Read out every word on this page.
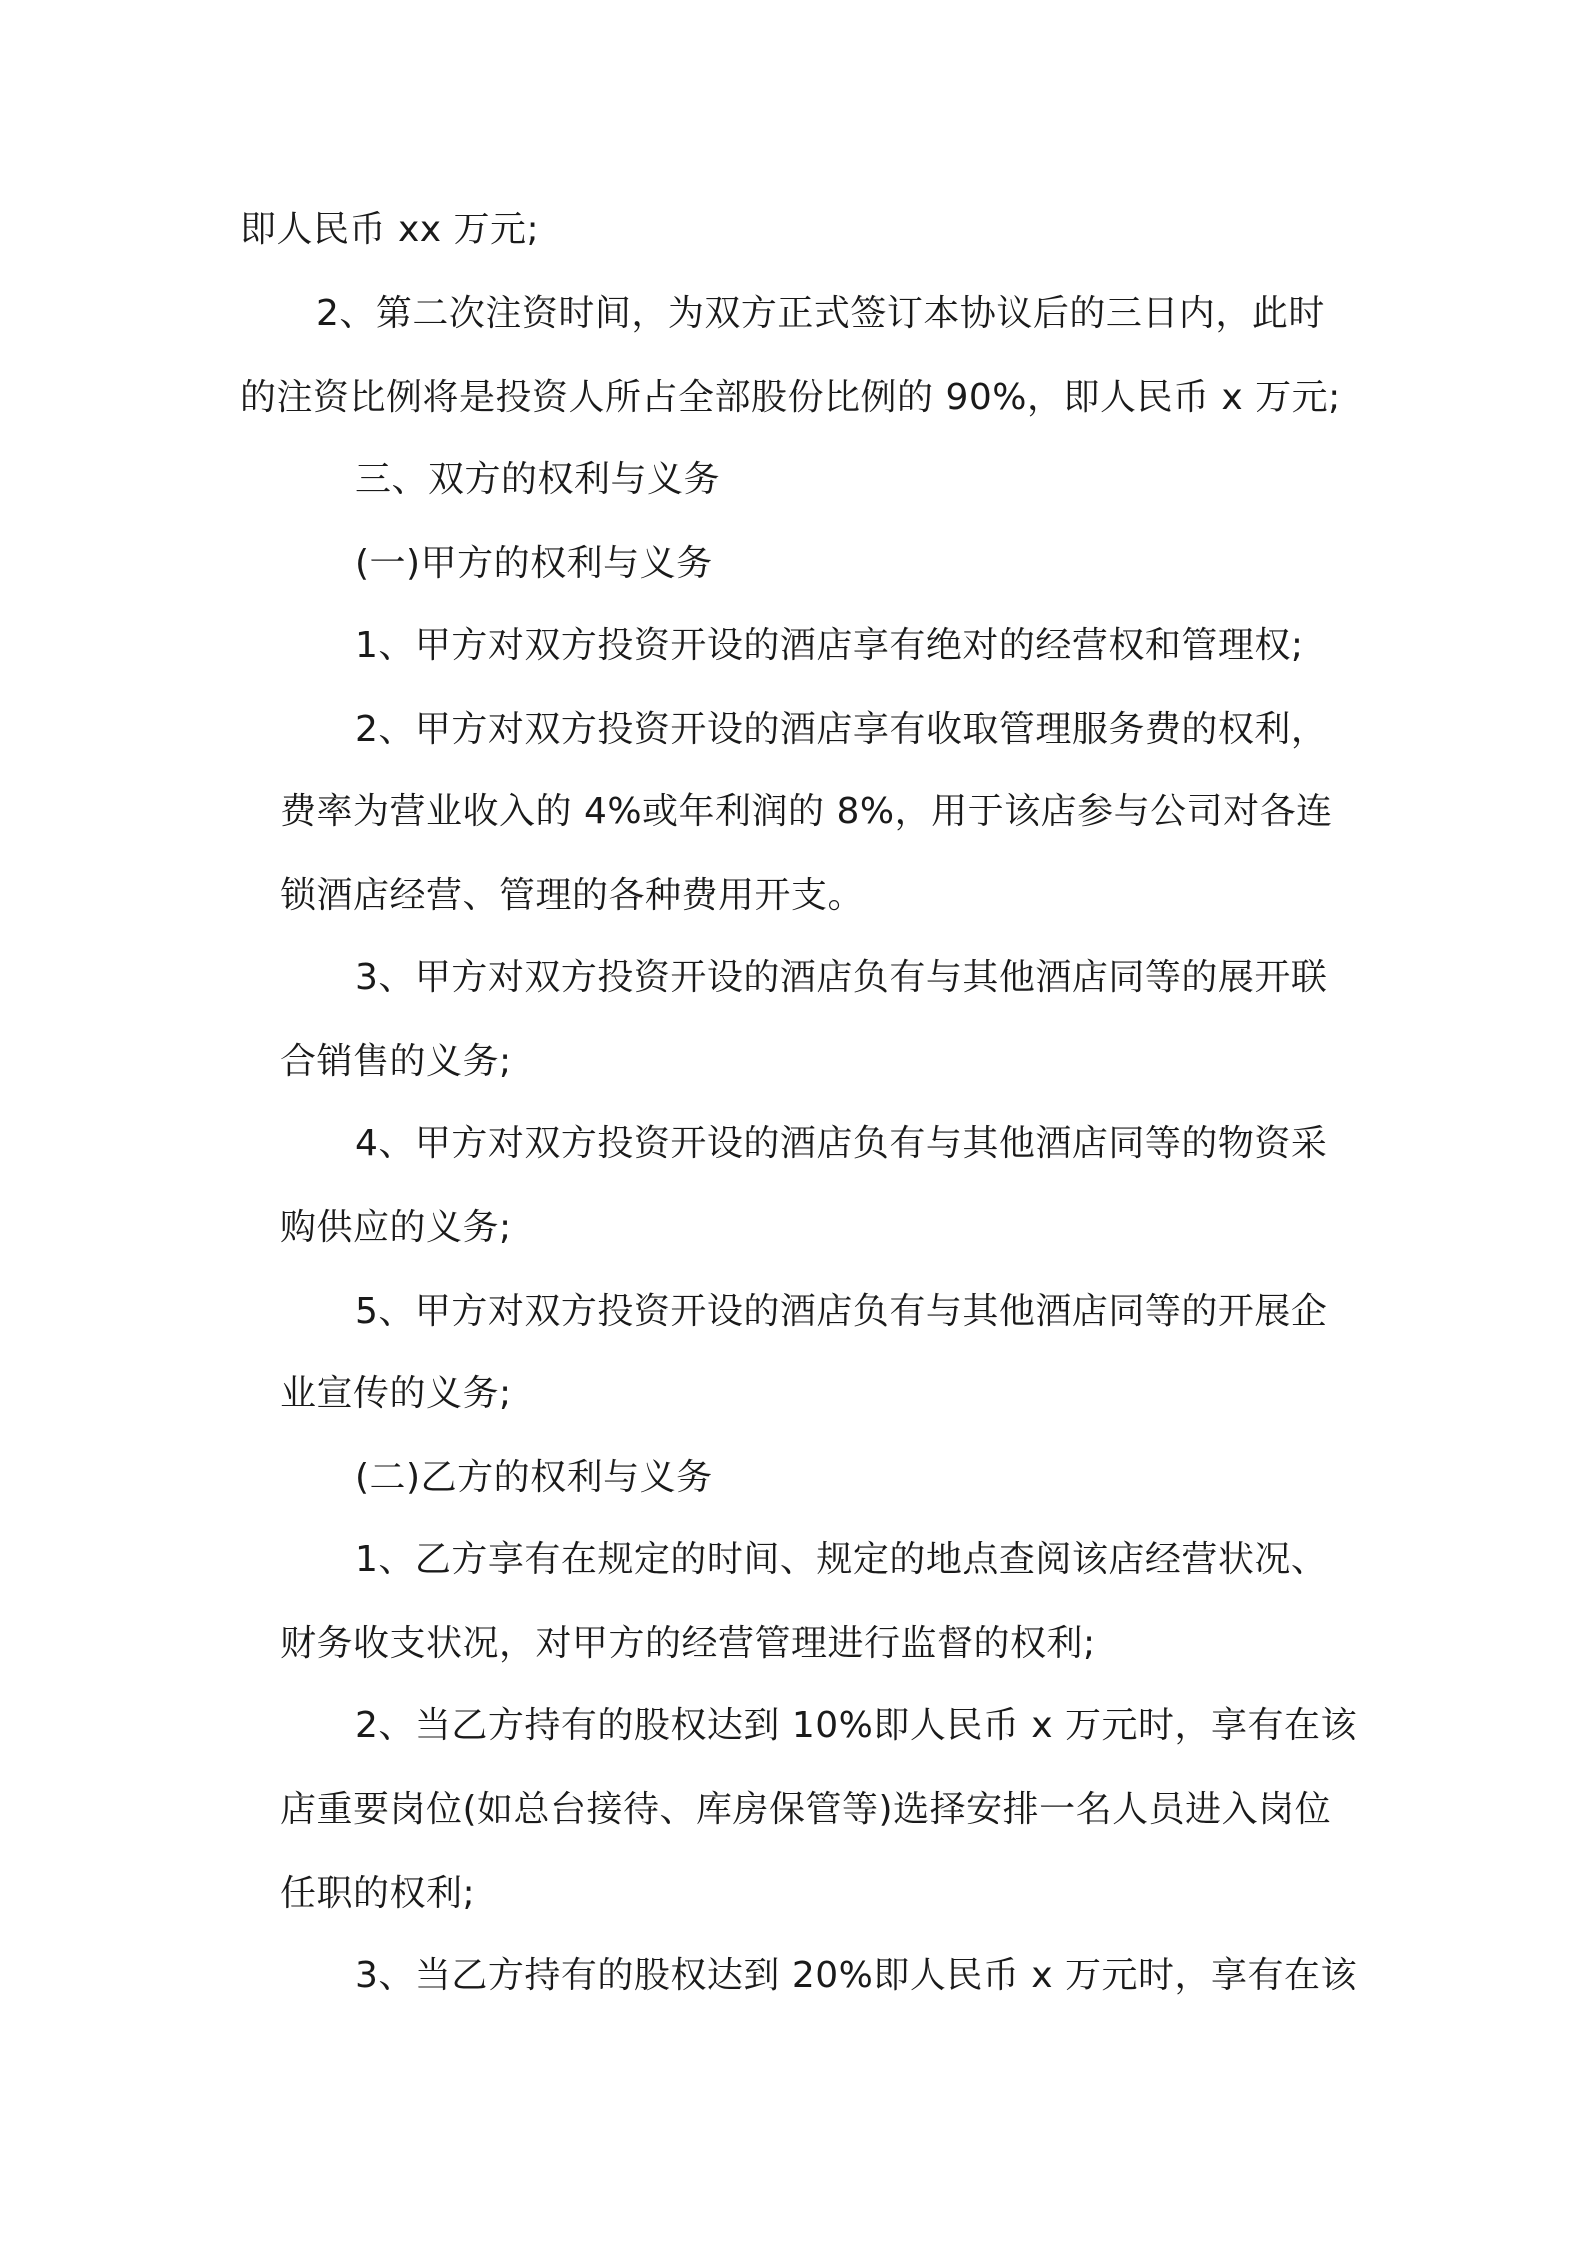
即人民币 xx 万元;
2、第二次注资时间，为双方正式签订本协议后的三日内，此时
的注资比例将是投资人所占全部股份比例的 90%，即人民币 x 万元;
三、双方的权利与义务
(一)甲方的权利与义务
1、甲方对双方投资开设的酒店享有绝对的经营权和管理权;
2、甲方对双方投资开设的酒店享有收取管理服务费的权利，
费率为营业收入的 4%或年利润的 8%，用于该店参与公司对各连
锁酒店经营、管理的各种费用开支。
3、甲方对双方投资开设的酒店负有与其他酒店同等的展开联
合销售的义务;
4、甲方对双方投资开设的酒店负有与其他酒店同等的物资采
购供应的义务;
5、甲方对双方投资开设的酒店负有与其他酒店同等的开展企
业宣传的义务;
(二)乙方的权利与义务
1、乙方享有在规定的时间、规定的地点查阅该店经营状况、
财务收支状况，对甲方的经营管理进行监督的权利;
2、当乙方持有的股权达到 10%即人民币 x 万元时，享有在该
店重要岗位(如总台接待、库房保管等)选择安排一名人员进入岗位
任职的权利;
3、当乙方持有的股权达到 20%即人民币 x 万元时，享有在该
